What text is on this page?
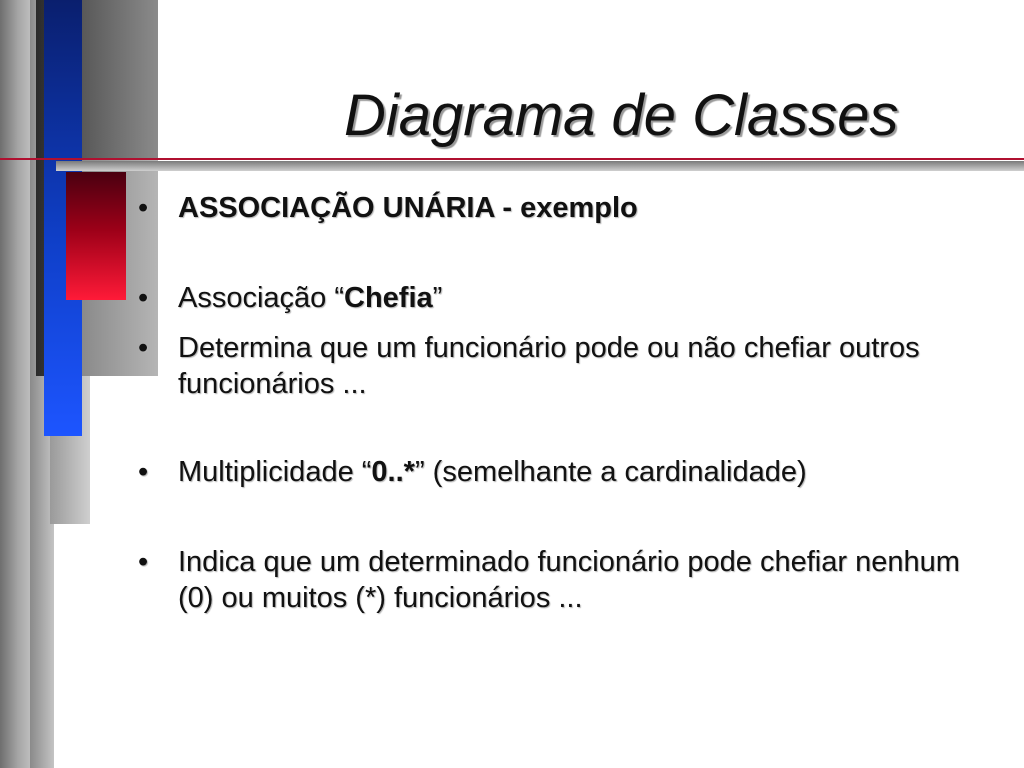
Diagrama de Classes
•	ASSOCIAÇÃO UNÁRIA - exemplo
•	Associação “Chefia”
•	Determina que um funcionário pode ou não chefiar outros funcionários ...
•	Multiplicidade “0..*” (semelhante a cardinalidade)
•	Indica que um determinado funcionário pode chefiar nenhum (0) ou muitos (*) funcionários ...
